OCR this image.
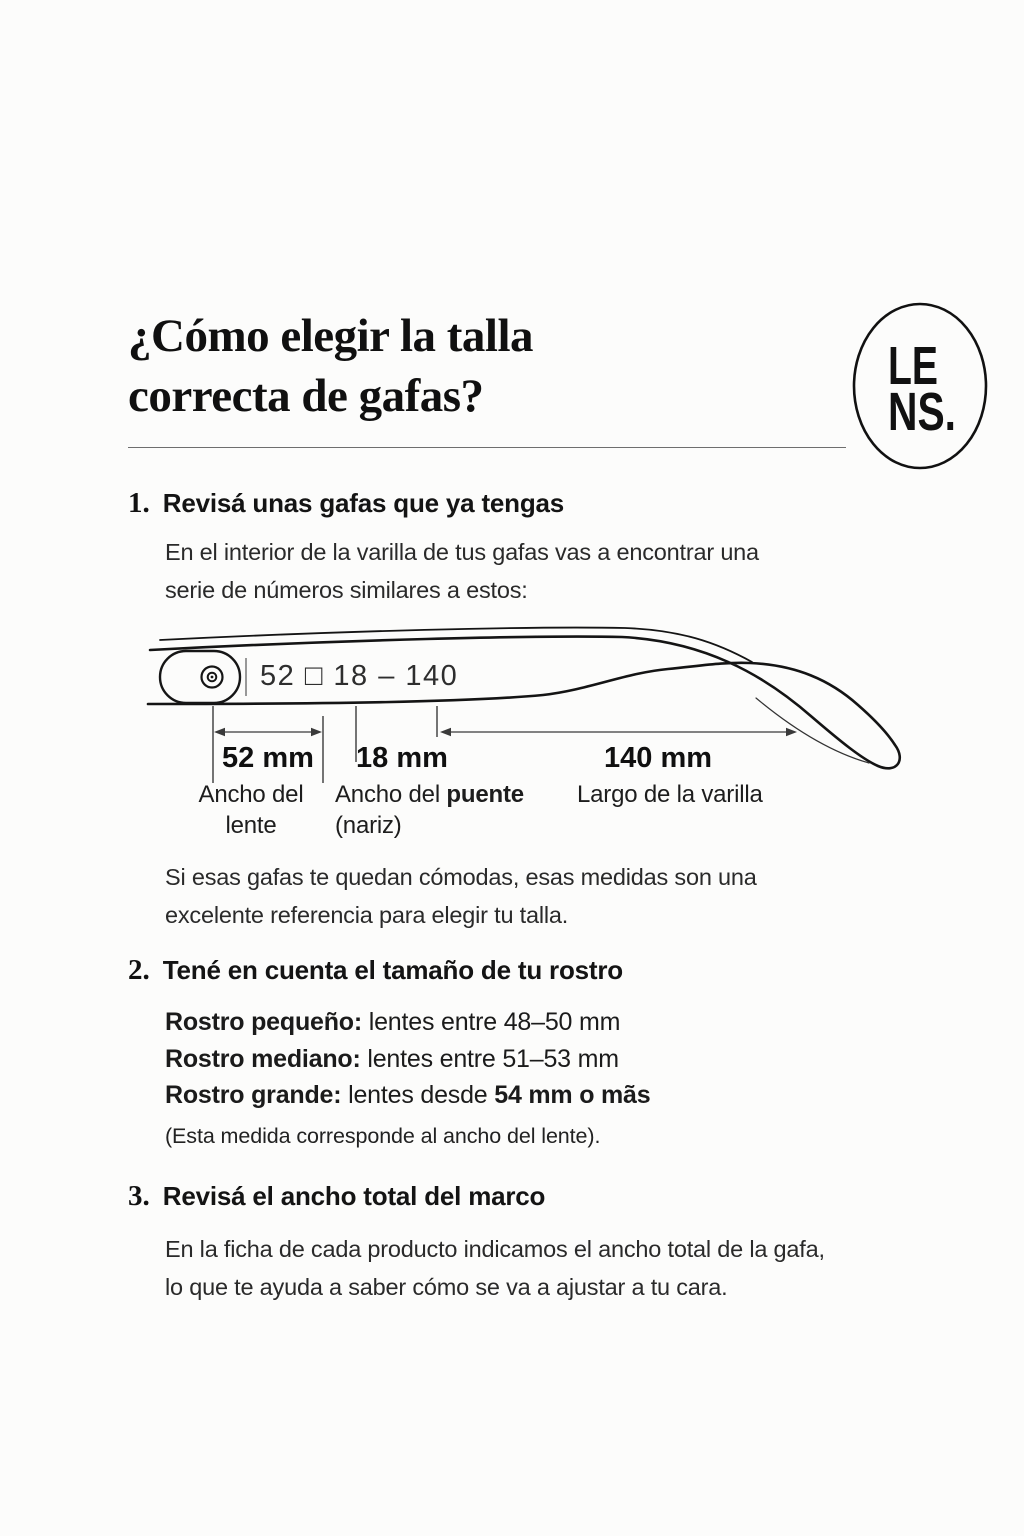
¿Cómo elegir la talla
correcta de gafas?	LE
NS.
1. Revisá unas gafas que ya tengas
En el interior de la varilla de tus gafas vas a encontrar una
serie de números similares a estos:
52 □ 18 – 140
52 mm 18 mm	140 mm
Ancho del
lente
Ancho del puente
(nariz)
Largo de la varilla
Si esas gafas te quedan cómodas, esas medidas son una
excelente referencia para elegir tu talla.
2. Tené en cuenta el tamaño de tu rostro
Rostro pequeño: lentes entre 48–50 mm
Rostro mediano: lentes entre 51–53 mm
Rostro grande: lentes desde 54 mm o mãs
(Esta medida corresponde al ancho del lente).
3. Revisá el ancho total del marco
En la ficha de cada producto indicamos el ancho total de la gafa,
lo que te ayuda a saber cómo se va a ajustar a tu cara.
